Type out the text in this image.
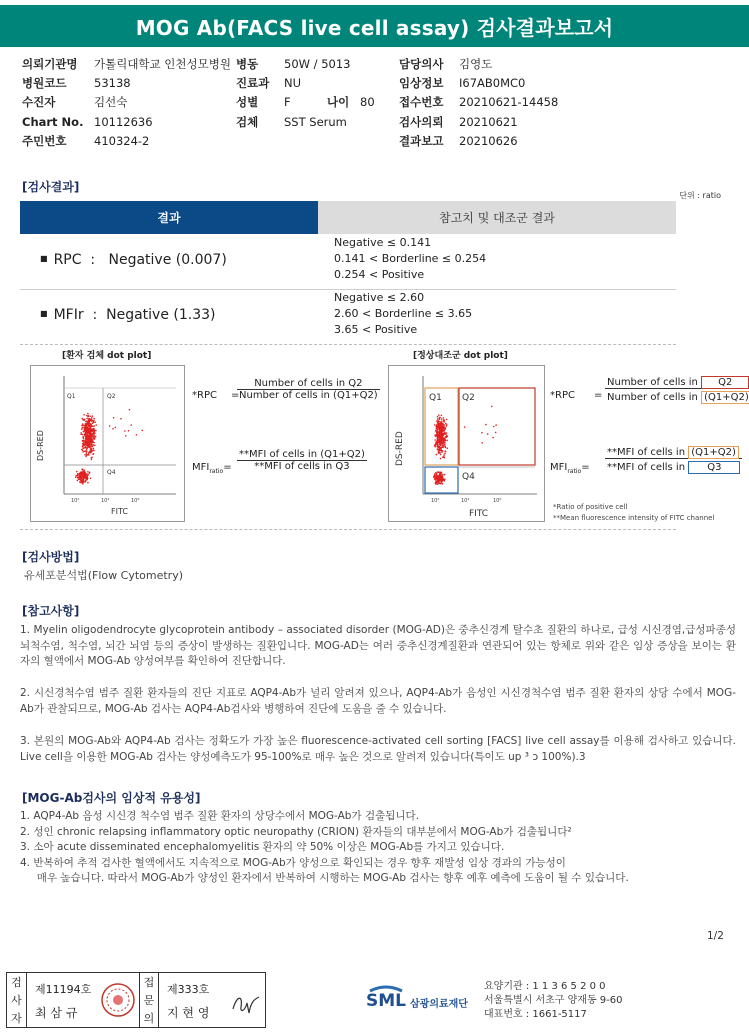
MOG Ab(FACS live cell assay) 검사결과보고서
의뢰기관명 가톨릭대학교 인천성모병원 병동 50W / 5013	담당의사 김영도
병원코드 53138	진료과 NU	임상정보 I67AB0MC0
수진자	김선숙	성별 F	나이 80 접수번호 20210621-14458
Chart No. 10112636	검체 SST Serum	검사의뢰 20210621
주민번호 410324-2	결과보고 20210626
[검사결과]
단위 : ratio
결과	참고치 및 대조군 결과
■ RPC : Negative (0.007)
Negative ≤ 0.141
0.141 < Borderline ≤ 0.254
0.254 < Positive
■ MFIr : Negative (1.33)
Negative ≤ 2.60
2.60 < Borderline ≤ 3.65
3.65 < Positive
[환자 검체 dot plot]	[정상대조군 dot plot]
Q1	Q2
Q4
10²	10⁴	10⁶
FITC
DS-RED
*RPC =
Number of cells in Q2
Number of cells in (Q1+Q2)
$MFI_{ratio}=$
**MFI of cells in (Q1+Q2)
**MFI of cells in Q3
Q1 Q2
Q4
10²	10⁴	10⁶
FITC
DS-RED
*RPC =
Number of cells in Q2
Number of cells in (Q1+Q2)
$MFI_{ratio}=$
**MFI of cells in (Q1+Q2)
**MFI of cells in Q3
*Ratio of positive cell
**Mean fluorescence intensity of FITC channel
[검사방법]
유세포분석법(Flow Cytometry)
[참고사항]
1. Myelin oligodendrocyte glycoprotein antibody – associated disorder (MOG-AD)은 중추신경계 탈수초 질환의 하나로, 급성 시신경염,급성파종성 뇌척수염, 척수염, 뇌간 뇌염 등의 증상이 발생하는 질환입니다. MOG-AD는 여러 중추신경계질환과 연관되어 있는 항체로 위와 같은 임상 증상을 보이는 환자의 혈액에서 MOG-Ab 양성여부를 확인하여 진단합니다.
2. 시신경척수염 범주 질환 환자들의 진단 지표로 AQP4-Ab가 널리 알려져 있으나, AQP4-Ab가 음성인 시신경척수염 범주 질환 환자의 상당 수에서 MOG-Ab가 관찰되므로, MOG-Ab 검사는 AQP4-Ab검사와 병행하여 진단에 도움을 줄 수 있습니다.
3. 본원의 MOG-Ab와 AQP4-Ab 검사는 정확도가 가장 높은 fluorescence-activated cell sorting [FACS] live cell assay를 이용해 검사하고 있습니다. Live cell을 이용한 MOG-Ab 검사는 양성예측도가 95-100%로 매우 높은 것으로 알려져 있습니다(특이도 up ³ ↄ 100%).3
[MOG-Ab검사의 임상적 유용성]
1. AQP4-Ab 음성 시신경 척수염 범주 질환 환자의 상당수에서 MOG-Ab가 검출됩니다.
2. 성인 chronic relapsing inflammatory optic neuropathy (CRION) 환자들의 대부분에서 MOG-Ab가 검출됩니다²
3. 소아 acute disseminated encephalomyelitis 환자의 약 50% 이상은 MOG-Ab를 가지고 있습니다.
4. 반복하여 추적 검사한 혈액에서도 지속적으로 MOG-Ab가 양성으로 확인되는 경우 향후 재발성 임상 경과의 가능성이
매우 높습니다. 따라서 MOG-Ab가 양성인 환자에서 반복하여 시행하는 MOG-Ab 검사는 향후 예후 예측에 도움이 될 수 있습니다.
1/2
검
사
자
제11194호
최 삼 규
접
문
의
제333호
지 현 영
SML 삼광의료재단
요양기관 : 1 1 3 6 5 2 0 0
서울특별시 서초구 양재동 9-60
대표번호 : 1661-5117
